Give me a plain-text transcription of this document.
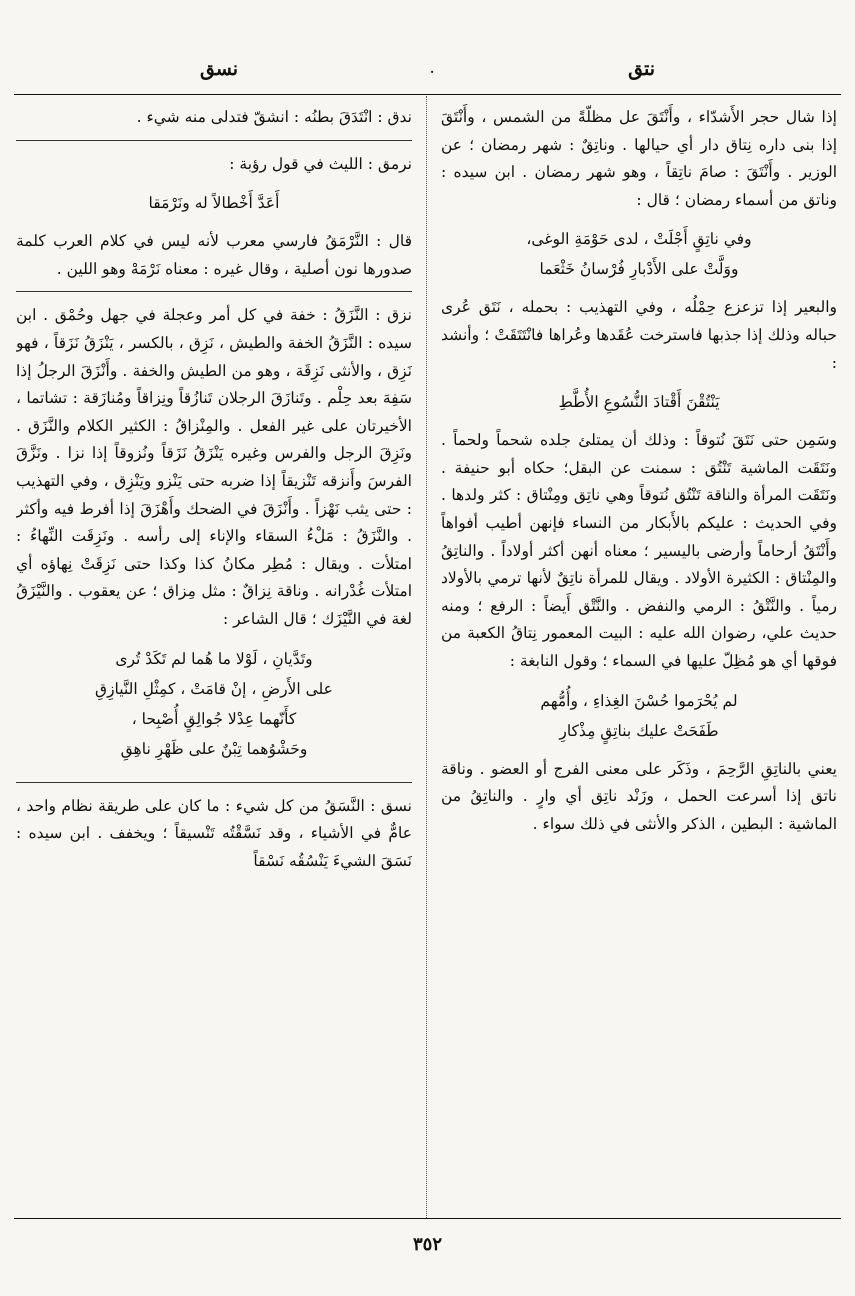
نتق
.
نسق

إذا شال حجر الأَشدّاء ، وأَنْتَقَ عل مظلّةً من الشمس ، وأَنْتَقَ إذا بنى داره نِتاق دار أي حيالها . وناتِقٌ : شهر رمضان ؛ عن الوزير . وأَنْتَقَ : صامَ ناتِقاً ، وهو شهر رمضان . ابن سيده : وناتق من أسماء رمضان ؛ قال :

وفي ناتِقٍ أَجْلَتْ ، لدى حَوْمَةِ الوغى،

ووَلَّتْ على الأَدْبارِ فُرْسانُ خَثْعَما

والبعير إذا تزعزع حِمْلُه ، وفي التهذيب : بحمله ، نَتَق عُرى حباله وذلك إذا جذبها فاسترخت عُقَدها وعُراها فانْتَتَقَتْ ؛ وأنشد :

يَنْتُقْنَ أَقْتادَ النُّسُوعِ الأُطَّطِ

وسَمِن حتى نَتَقَ نُتوقاً : وذلك أن يمتلئ جلده شحماً ولحماً . ونَتَقَت الماشية تَنْتُق : سمنت عن البقل؛ حكاه أبو حنيفة . ونَتَقَت المرأة والناقة تَنْتُق نُتوقاً وهي ناتِق ومِنْتاق : كثر ولدها . وفي الحديث : عليكم بالأَبكار من النساء فإنهن أطيب أفواهاً وأَنْتَقُ أرحاماً وأرضى باليسير ؛ معناه أنهن أكثر أولاداً . والناتِقُ والمِنْتاق : الكثيرة الأولاد . ويقال للمرأة ناتِقٌ لأنها ترمي بالأولاد رمياً . والنَّتْقُ : الرمي والنفض . والنَّتْق أَيضاً : الرفع ؛ ومنه حديث علي، رضوان الله عليه : البيت المعمور نِتاقُ الكعبة من فوقها أي هو مُظِلّ عليها في السماء ؛ وقول النابغة :

لم يُحْرَموا حُسْنَ الغِذاءِ ، وأُمُّهم

طَفَحَتْ عليك بناتِقٍ مِذْكارِ

يعني بالناتِقِ الرَّحِمَ ، وذَكَر على معنى الفرج أو العضو . وناقة ناتق إذا أسرعت الحمل ، وزَنْد ناتِق أي وارٍ . والناتِقُ من الماشية : البطين ، الذكر والأنثى في ذلك سواء .

ندق : انْتَدَقَ بطنُه : انشقّ فتدلى منه شيء .

نرمق : الليث في قول رؤبة :

أَعَدَّ أَخْطالاً له ونَرْمَقا

قال : النَّرْمَقُ فارسي معرب لأنه ليس في كلام العرب كلمة صدورها نون أصلية ، وقال غيره : معناه نَرْمَهْ وهو اللين .

نزق : النَّزَقُ : خفة في كل أمر وعجلة في جهل وحُمْق . ابن سيده : النَّزَقُ الخفة والطيش ، نَزِق ، بالكسر ، يَنْزَقُ نَزَقاً ، فهو نَزِق ، والأنثى نَزِقَة ، وهو من الطيش والخفة . وأَنْزَقَ الرجلُ إذا سَفِهَ بعد حِلْم . وتَنازَقَ الرجلان تَنازُقاً ونِزاقاً ومُنازَقة : تشاتما ، الأخيرتان على غير الفعل . والمِنْزاقُ : الكثير الكلام والنَّزَق . ونَزِقَ الرجل والفرس وغيره يَنْزَقُ نَزَقاً ونُزوقاً إذا نزا . ونَزَّقَ الفرسَ وأَنزقه تَنْزيقاً إذا ضربه حتى يَنْزو ويَنْزِق ، وفي التهذيب : حتى يثب نَهْزاً . وأَنْزَقَ في الضحك وأَهْزَقَ إذا أفرط فيه وأكثر . والنَّزَقُ : مَلْءُ السقاء والإناء إلى رأسه . ونَزِقَت النِّهاءُ : امتلأت . ويقال : مُطِر مكانُ كذا وكذا حتى نَزِقَتْ نِهاؤه أي امتلأت غُدْرانه . وناقة نِزاقٌ : مثل مِزاق ؛ عن يعقوب . والنَّيْزَقُ لغة في النَّيْزَك ؛ قال الشاعر :

وتَدَّيانِ ، لَوْلا ما هُما لم تَكَدْ تُرى

على الأَرضِ ، إنْ قامَتْ ، كمِثْلِ النَّيازِقِ

كأَنّهما عِدْلا جُوالِقٍ أُصْبِحا ،

وحَشْوُهما تِبْنٌ على ظَهْرِ ناهِقِ

نسق : النَّسَقُ من كل شيء : ما كان على طريقة نظام واحد ، عامٌّ في الأشياء ، وقد نَسَّقْتُه تَنْسيقاً ؛ ويخفف . ابن سيده : نَسَقَ الشيءَ يَنْسُقُه نَسْقاً

٣٥٢
